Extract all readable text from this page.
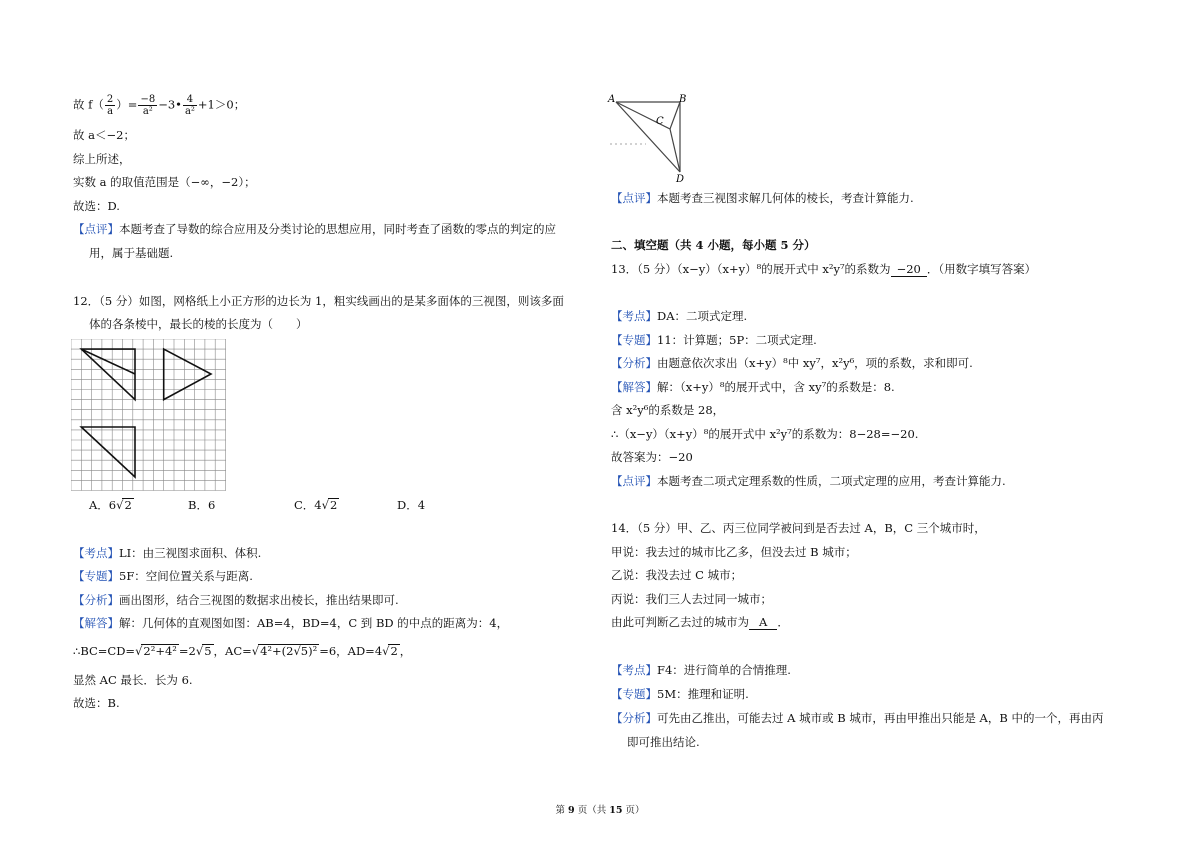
故 $f( \frac{2}{a}$ ）= $\frac{-8}{\text{a²}}$ −3• $\frac{4}{\text{a²}} +1>0$；
故 a＜−2；
综上所述，
实数 a 的取值范围是（−∞，−2）；
故选：D.
【点评】本题考查了导数的综合应用及分类讨论的思想应用，同时考查了函数的零点的判定的应
用，属于基础题.
12．（5 分）如图，网格纸上小正方形的边长为 1，粗实线画出的是某多面体的三视图，则该多面
体的各条棱中，最长的棱的长度为（　　）
A．6√2	B．6	C．4√2	D．4
【考点】LI：由三视图求面积、体积.
【专题】5F：空间位置关系与距离.
【分析】画出图形，结合三视图的数据求出棱长，推出结果即可.
【解答】解：几何体的直观图如图：AB=4，BD=4，C 到 BD 的中点的距离为：4，
∴BC=CD=√2²+4² =2√5 ，AC=√4²+(2√5)² =6，AD=4√2 ，
显然 AC 最长．长为 6.
故选：B.
A	B
C
D
【点评】本题考查三视图求解几何体的棱长，考查计算能力.
二、填空题（共 4 小题，每小题 5 分）
13．（5 分）（x−y）（x+y）⁸的展开式中 x²y⁷的系数为 −20 ．（用数字填写答案）
【考点】DA：二项式定理.
【专题】11：计算题；5P：二项式定理.
【分析】由题意依次求出（x+y）⁸中 xy⁷，x²y⁶，项的系数，求和即可.
【解答】解：（x+y）⁸的展开式中，含 xy⁷的系数是：8.
含 x²y⁶的系数是 28，
∴（x−y）（x+y）⁸的展开式中 x²y⁷的系数为：8−28=−20.
故答案为：−20
【点评】本题考查二项式定理系数的性质，二项式定理的应用，考查计算能力.
14．（5 分）甲、乙、丙三位同学被问到是否去过 A，B，C 三个城市时，
甲说：我去过的城市比乙多，但没去过 B 城市；
乙说：我没去过 C 城市；
丙说：我们三人去过同一城市；
由此可判断乙去过的城市为 A ．
【考点】F4：进行简单的合情推理.
【专题】5M：推理和证明.
【分析】可先由乙推出，可能去过 A 城市或 B 城市，再由甲推出只能是 A，B 中的一个，再由丙
即可推出结论.
第 9 页（共 15 页）
